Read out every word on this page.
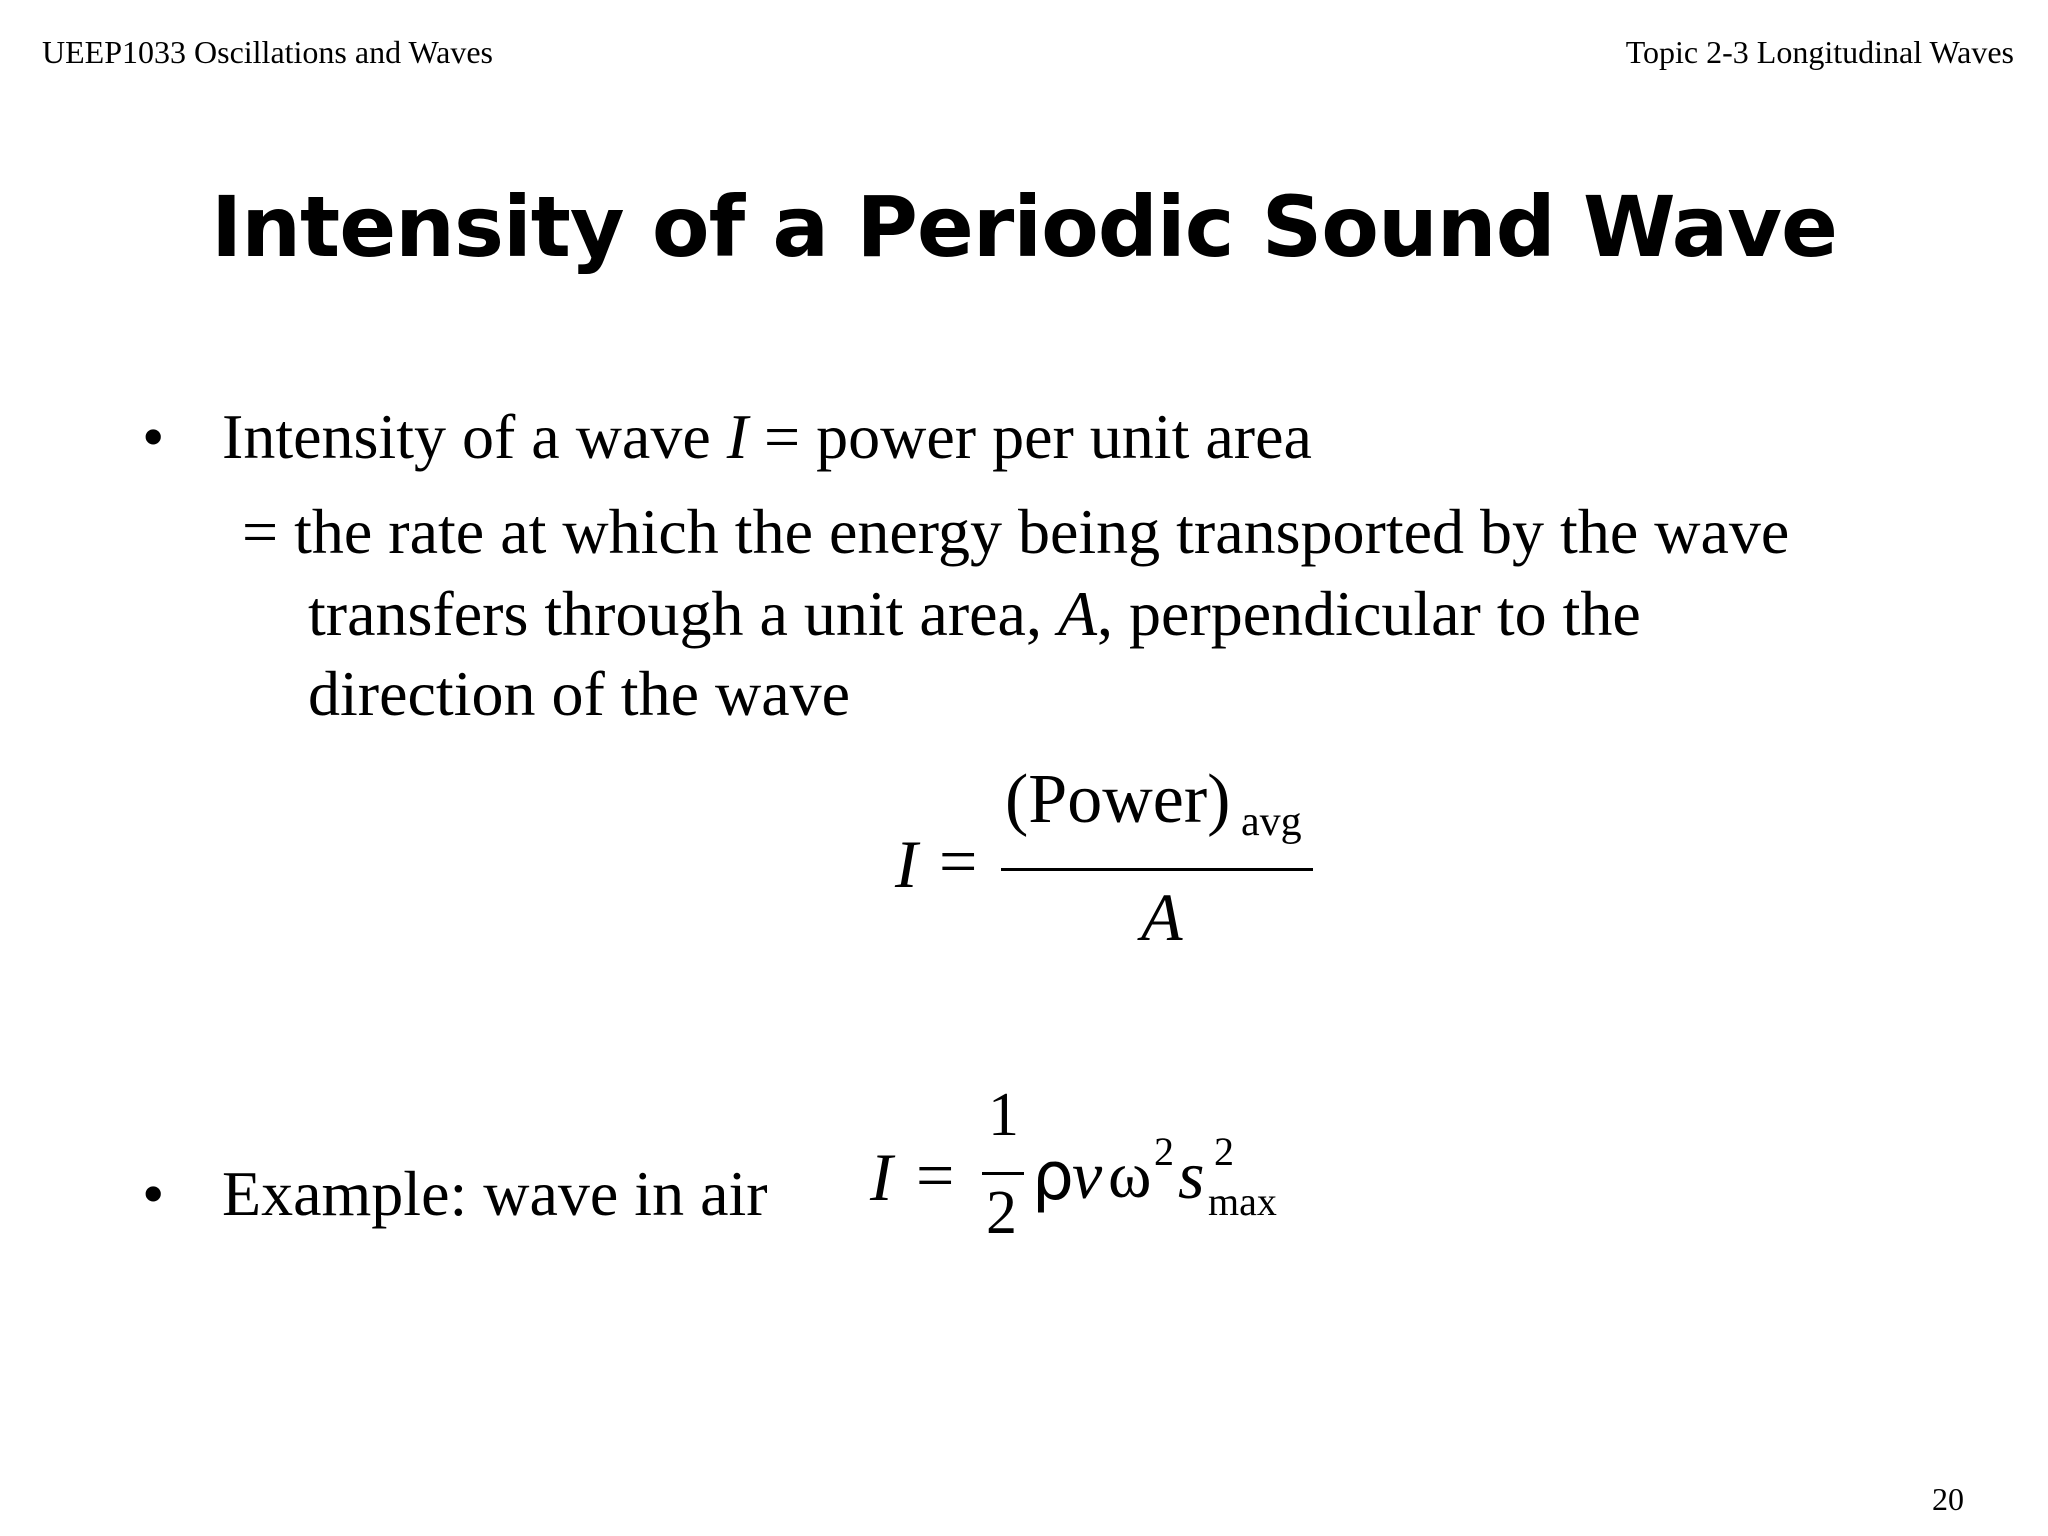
UEEP1033 Oscillations and Waves	Topic 2-3 Longitudinal Waves
Intensity of a Periodic Sound Wave
• Intensity of a wave I = power per unit area
= the rate at which the energy being transported by the wave
transfers through a unit area, A, perpendicular to the
direction of the wave
I =
(Power) avg
A
• Example: wave in air I =
1
2 ρ
v ω 2 s 2
max
20
